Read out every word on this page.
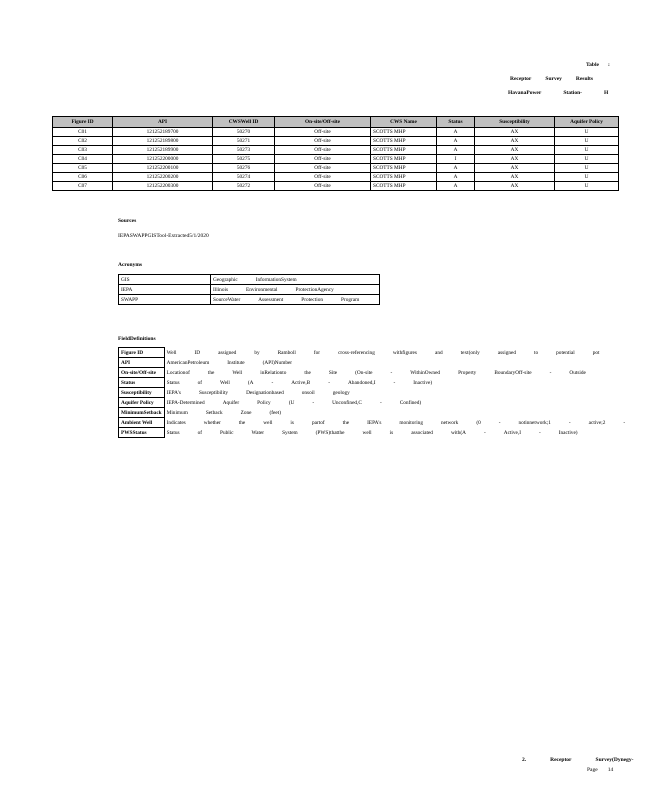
Table :
Receptor	Survey	Results
HavanaPower	Station-	H
Figure ID	API	CWSWell ID	On-site/Off-site	CWS Name	Status	Susceptibility	Aquifer Policy
C01	121252189700	50270	Off-site	SCOTTS MHP	A	AX	U
C02	121252189800	50271	Off-site	SCOTTS MHP	A	AX	U
C03	121252189900	50273	Off-site	SCOTTS MHP	A	AX	U
C04	121252200000	50275	Off-site	SCOTTS MHP	I	AX	U
C05	121252200100	50276	Off-site	SCOTTS MHP	A	AX	U
C06	121252200200	50274	Off-site	SCOTTS MHP	A	AX	U
C07	121252200300	50272	Off-site	SCOTTS MHP	A	AX	U
Sources
IEPASWAPPGISTool-Extracted5/1/2020
Acronyms
GIS	Geographic InformationSystem
IEPA	Illinois Environmental ProtectionAgency
SWAPP	SourceWater Assessment Protection Program
FieldDefinitions
Figure ID	Well ID assigned by Ramboll for cross-referencing withfigures and text(only assigned to potential pot
API	AmericanPetroleum Institute (API)Number
On-site/Off-site	Locationof the Well inRelationto the Site (On-site - WithinOwned Property BoundaryOff-site - Outside
Status	Status of Well (A - Active,B - Abandoned,I - Inactive)
Susceptibility	IEPA's Susceptibility Designationbased onsoil geology
Aquifer Policy	IEPA-Determined Aquifer Policy (U - Unconfined,C - Confined)
MinimumSetback	Minimum Setback Zone (feet)
Ambient Well	Indicates whether the well is partof the IEPA's monitoring network (0 - notinnetwork;1 - active;2 -
PWSStatus	Status of Public Water System (PWS)thatthe well is associated with(A - Active,I - Inactive)
2.	Receptor	Survey(Dynegy-
Page 14
